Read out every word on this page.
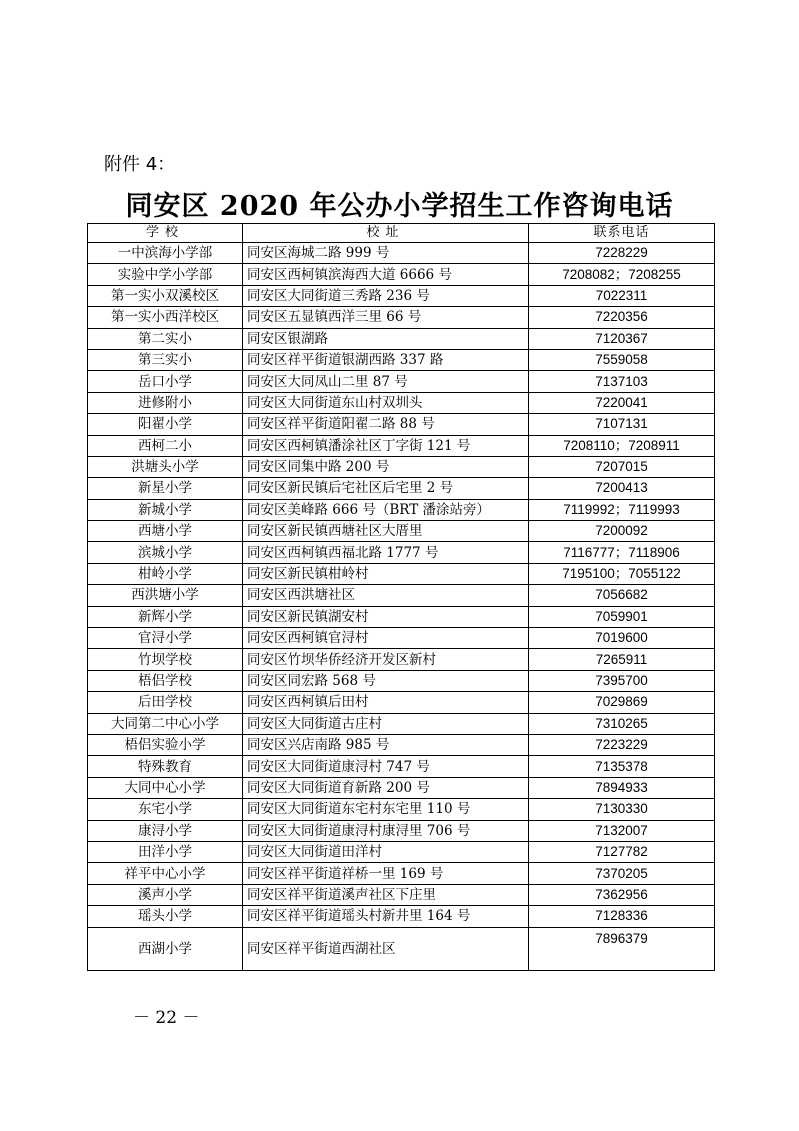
附件 4：
同安区 2020 年公办小学招生工作咨询电话
学校	校址	联系电话
一中滨海小学部	同安区海城二路 999 号	7228229
实验中学小学部	同安区西柯镇滨海西大道 6666 号	7208082；7208255
第一实小双溪校区	同安区大同街道三秀路 236 号	7022311
第一实小西洋校区	同安区五显镇西洋三里 66 号	7220356
第二实小	同安区银湖路	7120367
第三实小	同安区祥平街道银湖西路 337 路	7559058
岳口小学	同安区大同凤山二里 87 号	7137103
进修附小	同安区大同街道东山村双圳头	7220041
阳翟小学	同安区祥平街道阳翟二路 88 号	7107131
西柯二小	同安区西柯镇潘涂社区丁字街 121 号	7208110；7208911
洪塘头小学	同安区同集中路 200 号	7207015
新星小学	同安区新民镇后宅社区后宅里 2 号	7200413
新城小学	同安区美峰路 666 号（BRT 潘涂站旁）	7119992；7119993
西塘小学	同安区新民镇西塘社区大厝里	7200092
滨城小学	同安区西柯镇西福北路 1777 号	7116777；7118906
柑岭小学	同安区新民镇柑岭村	7195100；7055122
西洪塘小学	同安区西洪塘社区	7056682
新辉小学	同安区新民镇湖安村	7059901
官浔小学	同安区西柯镇官浔村	7019600
竹坝学校	同安区竹坝华侨经济开发区新村	7265911
梧侣学校	同安区同宏路 568 号	7395700
后田学校	同安区西柯镇后田村	7029869
大同第二中心小学	同安区大同街道古庄村	7310265
梧侣实验小学	同安区兴店南路 985 号	7223229
特殊教育	同安区大同街道康浔村 747 号	7135378
大同中心小学	同安区大同街道育新路 200 号	7894933
东宅小学	同安区大同街道东宅村东宅里 110 号	7130330
康浔小学	同安区大同街道康浔村康浔里 706 号	7132007
田洋小学	同安区大同街道田洋村	7127782
祥平中心小学	同安区祥平街道祥桥一里 169 号	7370205
溪声小学	同安区祥平街道溪声社区下庄里	7362956
瑶头小学	同安区祥平街道瑶头村新井里 164 号	7128336
西湖小学	同安区祥平街道西湖社区	7896379
－ 22 －
